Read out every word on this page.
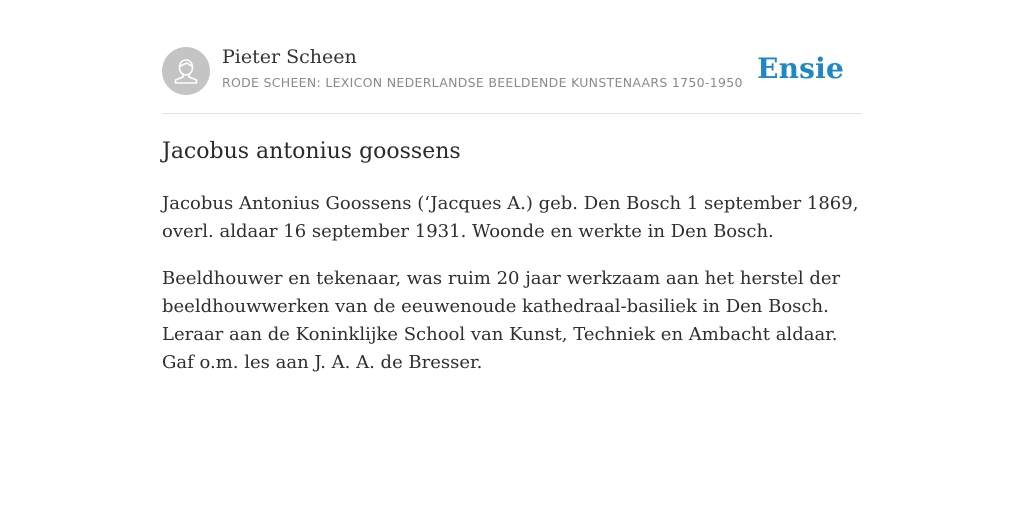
Pieter Scheen
RODE SCHEEN: LEXICON NEDERLANDSE BEELDENDE KUNSTENAARS 1750-1950 Ensie
Jacobus antonius goossens

Jacobus Antonius Goossens (‘Jacques A.) geb. Den Bosch 1 september 1869, overl. aldaar 16 september 1931. Woonde en werkte in Den Bosch.

Beeldhouwer en tekenaar, was ruim 20 jaar werkzaam aan het herstel der beeldhouwwerken van de eeuwenoude kathedraal-basiliek in Den Bosch. Leraar aan de Koninklijke School van Kunst, Techniek en Ambacht aldaar. Gaf o.m. les aan J. A. A. de Bresser.
